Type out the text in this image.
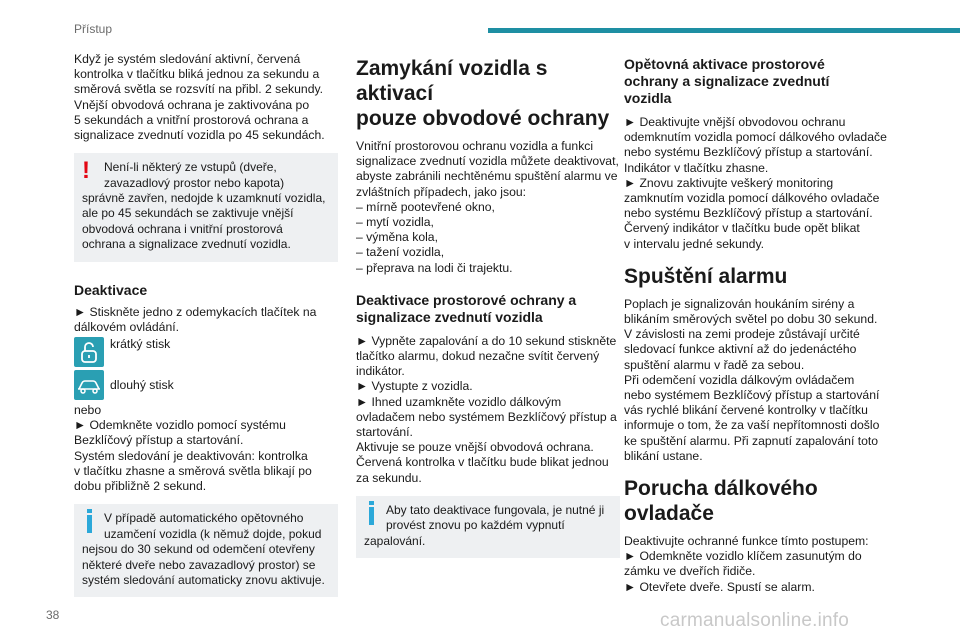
Přístup
Když je systém sledování aktivní, červená
kontrolka v tlačítku bliká jednou za sekundu a
směrová světla se rozsvítí na přibl. 2 sekundy.
Vnější obvodová ochrana je zaktivována po
5 sekundách a vnitřní prostorová ochrana a
signalizace zvednutí vozidla po 45 sekundách.
!	Není-li některý ze vstupů (dveře,
zavazadlový prostor nebo kapota)
správně zavřen, nedojde k uzamknutí vozidla,
ale po 45 sekundách se zaktivuje vnější
obvodová ochrana i vnitřní prostorová
ochrana a signalizace zvednutí vozidla.
Deaktivace
► Stiskněte jedno z odemykacích tlačítek na
dálkovém ovládání.
krátký stisk
dlouhý stisk
nebo
► Odemkněte vozidlo pomocí systému
Bezklíčový přístup a startování.
Systém sledování je deaktivován: kontrolka
v tlačítku zhasne a směrová světla blikají po
dobu přibližně 2 sekund.
V případě automatického opětovného
uzamčení vozidla (k němuž dojde, pokud
nejsou do 30 sekund od odemčení otevřeny
některé dveře nebo zavazadlový prostor) se
systém sledování automaticky znovu aktivuje.
Zamykání vozidla s aktivací
pouze obvodové ochrany
Vnitřní prostorovou ochranu vozidla a funkci
signalizace zvednutí vozidla můžete deaktivovat,
abyste zabránili nechtěnému spuštění alarmu ve
zvláštních případech, jako jsou:
– mírně pootevřené okno,
– mytí vozidla,
– výměna kola,
– tažení vozidla,
– přeprava na lodi či trajektu.
Deaktivace prostorové ochrany a
signalizace zvednutí vozidla
► Vypněte zapalování a do 10 sekund stiskněte
tlačítko alarmu, dokud nezačne svítit červený
indikátor.
► Vystupte z vozidla.
► Ihned uzamkněte vozidlo dálkovým
ovladačem nebo systémem Bezklíčový přístup a
startování.
Aktivuje se pouze vnější obvodová ochrana.
Červená kontrolka v tlačítku bude blikat jednou
za sekundu.
Aby tato deaktivace fungovala, je nutné ji
provést znovu po každém vypnutí
zapalování.
Opětovná aktivace prostorové
ochrany a signalizace zvednutí
vozidla
► Deaktivujte vnější obvodovou ochranu
odemknutím vozidla pomocí dálkového ovladače
nebo systému Bezklíčový přístup a startování.
Indikátor v tlačítku zhasne.
► Znovu zaktivujte veškerý monitoring
zamknutím vozidla pomocí dálkového ovladače
nebo systému Bezklíčový přístup a startování.
Červený indikátor v tlačítku bude opět blikat
v intervalu jedné sekundy.
Spuštění alarmu
Poplach je signalizován houkáním sirény a
blikáním směrových světel po dobu 30 sekund.
V závislosti na zemi prodeje zůstávají určité
sledovací funkce aktivní až do jedenáctého
spuštění alarmu v řadě za sebou.
Při odemčení vozidla dálkovým ovládačem
nebo systémem Bezklíčový přístup a startování
vás rychlé blikání červené kontrolky v tlačítku
informuje o tom, že za vaší nepřítomnosti došlo
ke spuštění alarmu. Při zapnutí zapalování toto
blikání ustane.
Porucha dálkového
ovladače
Deaktivujte ochranné funkce tímto postupem:
► Odemkněte vozidlo klíčem zasunutým do
zámku ve dveřích řidiče.
► Otevřete dveře. Spustí se alarm.
38	carmanualsonline.info
